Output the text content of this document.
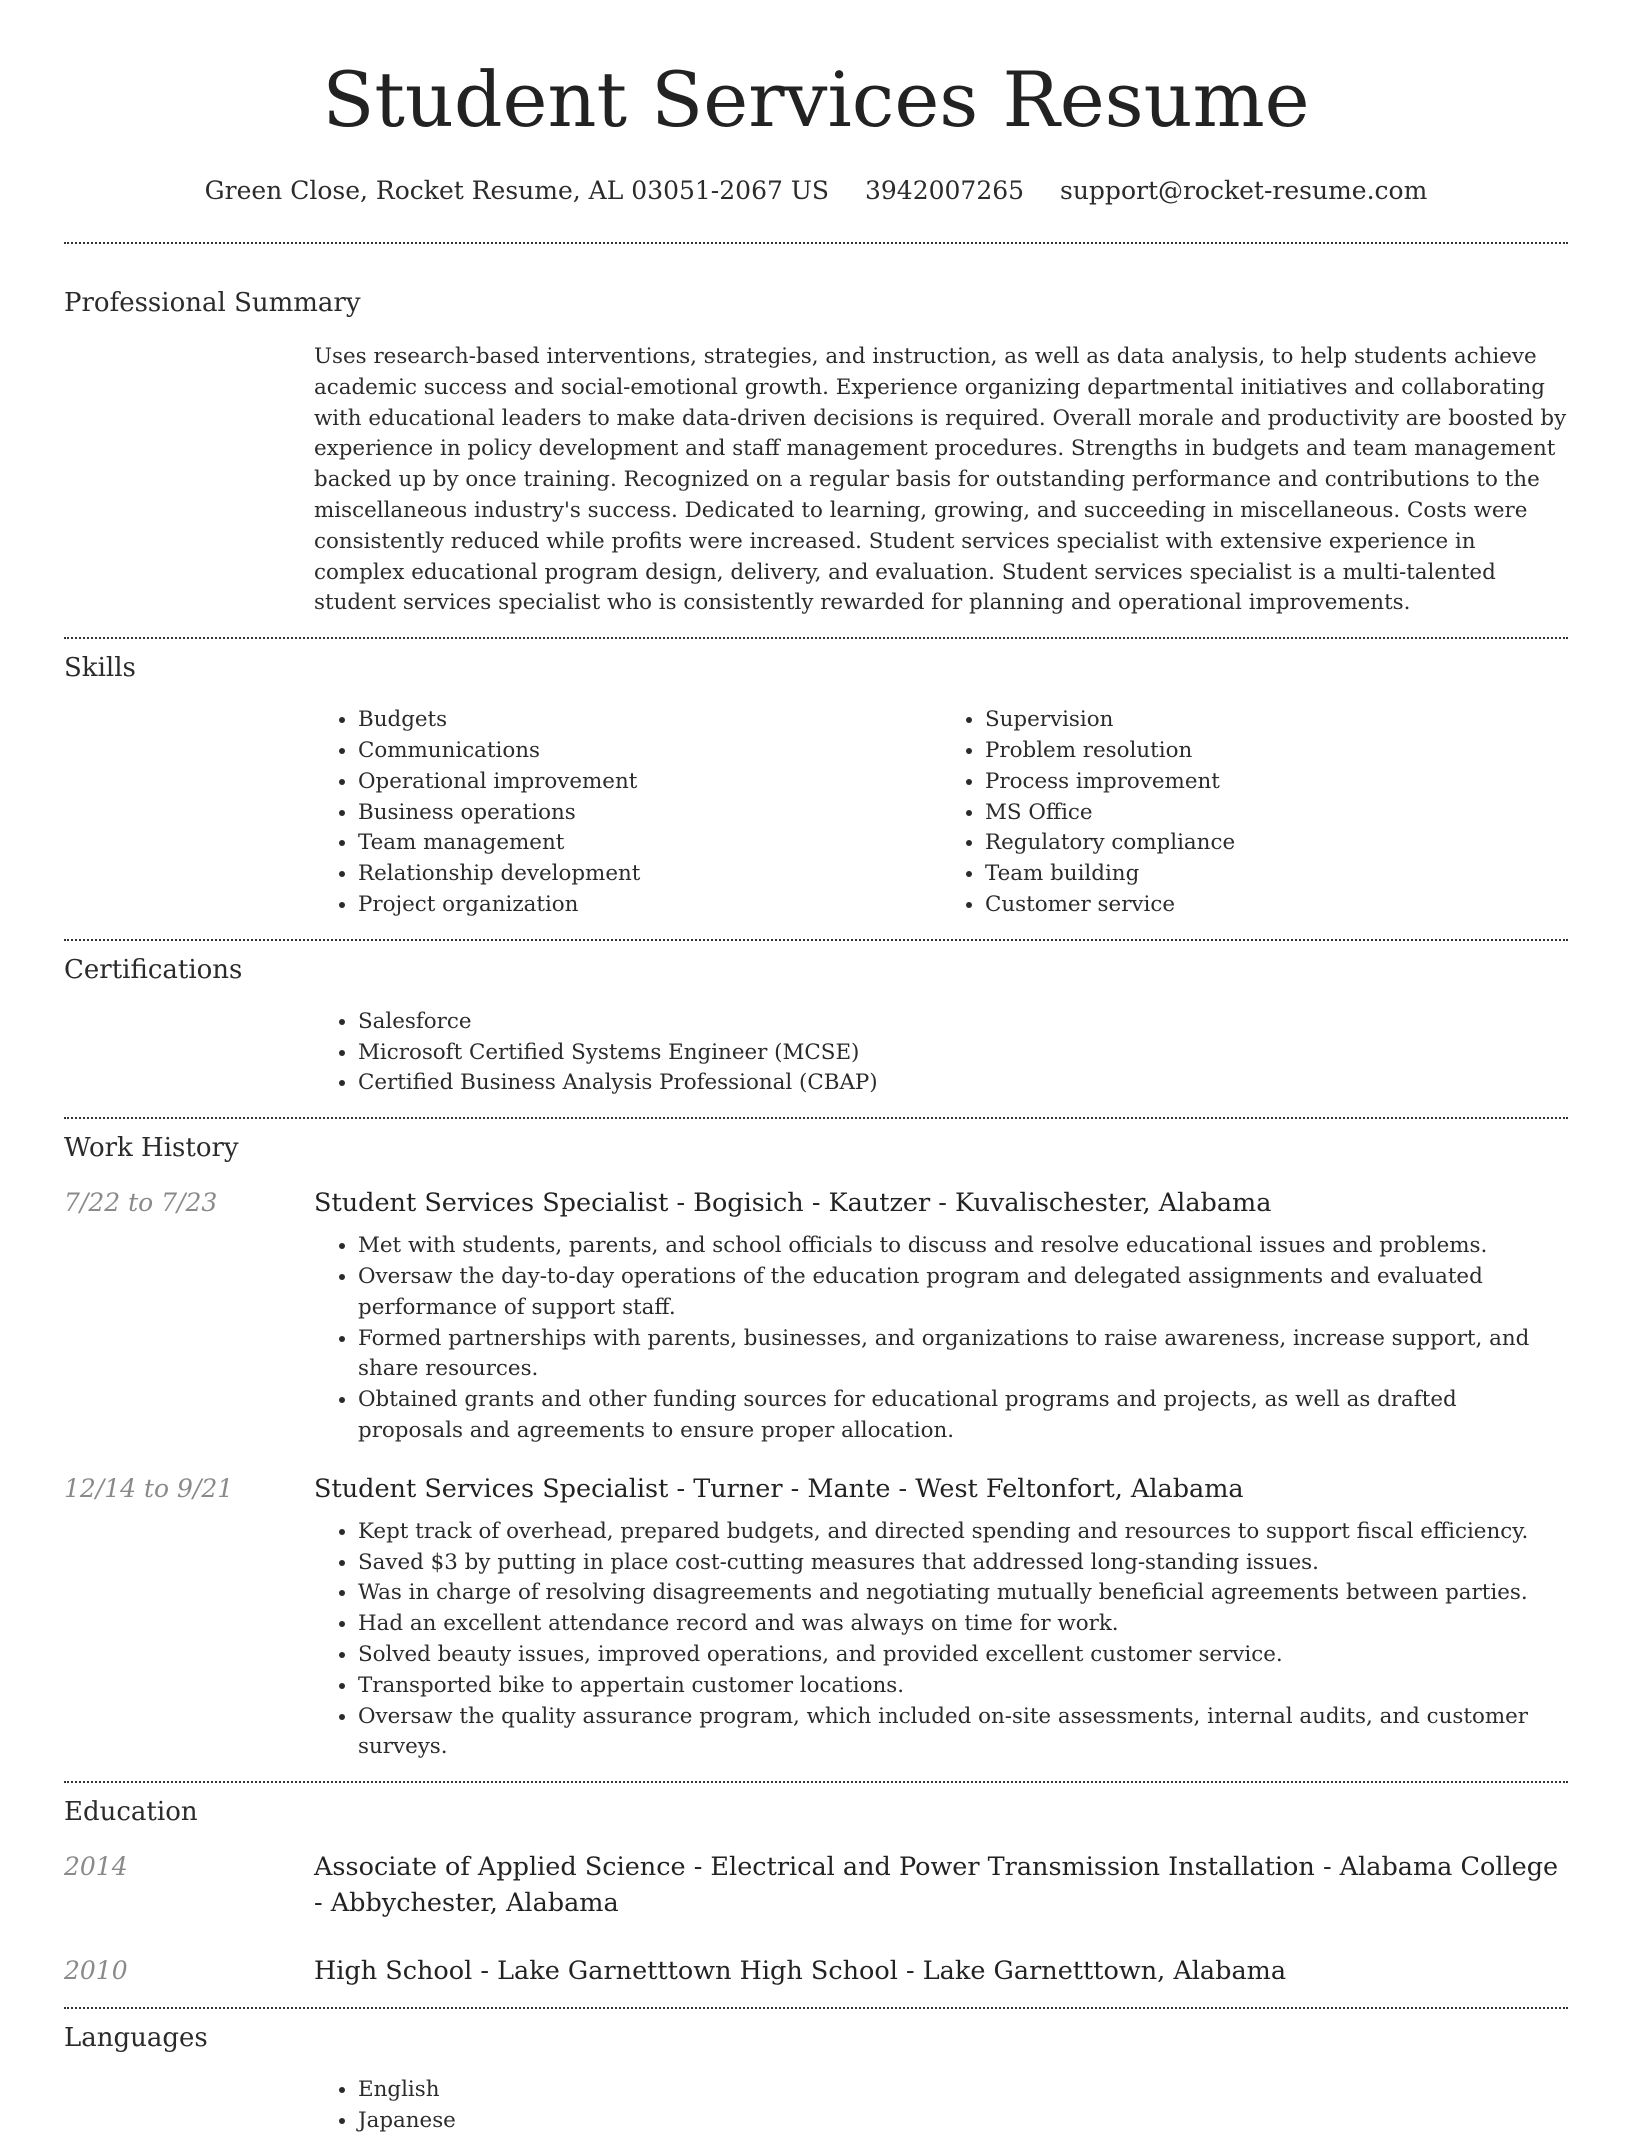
Student Services Resume
Green Close, Rocket Resume, AL 03051-2067 US 3942007265 support@rocket-resume.com
Professional Summary

Uses research-based interventions, strategies, and instruction, as well as data analysis, to help students achieve academic success and social-emotional growth. Experience organizing departmental initiatives and collaborating with educational leaders to make data-driven decisions is required. Overall morale and productivity are boosted by experience in policy development and staff management procedures. Strengths in budgets and team management backed up by once training. Recognized on a regular basis for outstanding performance and contributions to the miscellaneous industry's success. Dedicated to learning, growing, and succeeding in miscellaneous. Costs were consistently reduced while profits were increased. Student services specialist with extensive experience in complex educational program design, delivery, and evaluation. Student services specialist is a multi-talented student services specialist who is consistently rewarded for planning and operational improvements.

Skills
• Budgets
• Communications
• Operational improvement
• Business operations
• Team management
• Relationship development
• Project organization
• Supervision
• Problem resolution
• Process improvement
• MS Office
• Regulatory compliance
• Team building
• Customer service
Certifications
• Salesforce
• Microsoft Certified Systems Engineer (MCSE)
• Certified Business Analysis Professional (CBAP)
Work History
7/22 to 7/23	Student Services Specialist - Bogisich - Kautzer - Kuvalischester, Alabama
• Met with students, parents, and school officials to discuss and resolve educational issues and problems.
• Oversaw the day-to-day operations of the education program and delegated assignments and evaluated performance of support staff.
• Formed partnerships with parents, businesses, and organizations to raise awareness, increase support, and share resources.
• Obtained grants and other funding sources for educational programs and projects, as well as drafted proposals and agreements to ensure proper allocation.
12/14 to 9/21	Student Services Specialist - Turner - Mante - West Feltonfort, Alabama
• Kept track of overhead, prepared budgets, and directed spending and resources to support fiscal efficiency.
• Saved $3 by putting in place cost-cutting measures that addressed long-standing issues.
• Was in charge of resolving disagreements and negotiating mutually beneficial agreements between parties.
• Had an excellent attendance record and was always on time for work.
• Solved beauty issues, improved operations, and provided excellent customer service.
• Transported bike to appertain customer locations.
• Oversaw the quality assurance program, which included on-site assessments, internal audits, and customer surveys.
Education
2014	Associate of Applied Science - Electrical and Power Transmission Installation - Alabama College - Abbychester, Alabama
2010	High School - Lake Garnetttown High School - Lake Garnetttown, Alabama
Languages
• English
• Japanese
